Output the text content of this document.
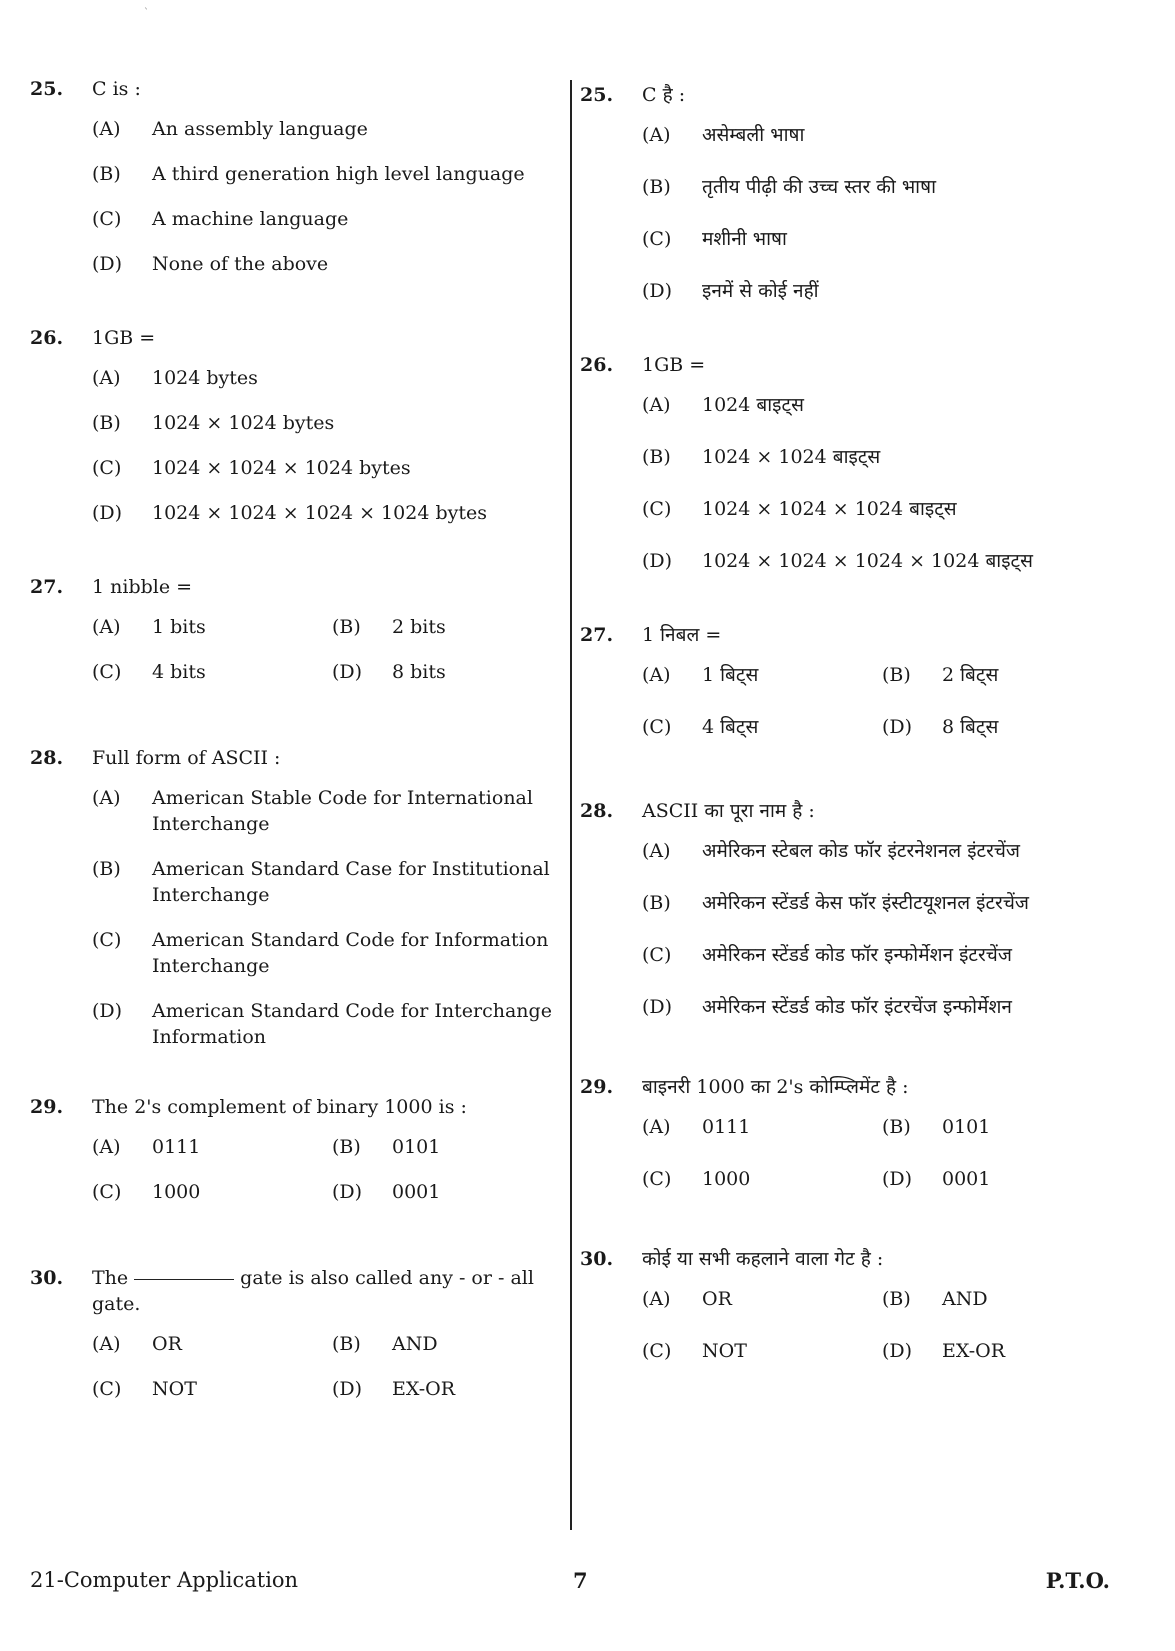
`
25.	C is :
(A)	An assembly language
(B)	A third generation high level language
(C)	A machine language
(D)	None of the above
26.	1GB =
(A)	1024 bytes
(B)	1024 × 1024 bytes
(C)	1024 × 1024 × 1024 bytes
(D)	1024 × 1024 × 1024 × 1024 bytes
27.	1 nibble =
(A)	1 bits	(B)	2 bits
(C)	4 bits	(D)	8 bits
28.	Full form of ASCII :
(A)	American Stable Code for International Interchange
(B)	American Standard Case for Institutional Interchange
(C)	American Standard Code for Information Interchange
(D)	American Standard Code for Interchange Information
29.	The 2's complement of binary 1000 is :
(A)	0111	(B)	0101
(C)	1000	(D)	0001
30.	The	gate is also called any - or - all gate.
(A)	OR	(B)	AND
(C)	NOT	(D)	EX-OR
25.	C है :
(A)	असेम्बली भाषा
(B)	तृतीय पीढ़ी की उच्च स्तर की भाषा
(C)	मशीनी भाषा
(D)	इनमें से कोई नहीं
26.	1GB =
(A)	1024 बाइट्स
(B)	1024 × 1024 बाइट्स
(C)	1024 × 1024 × 1024 बाइट्स
(D)	1024 × 1024 × 1024 × 1024 बाइट्स
27.	1 निबल =
(A)	1 बिट्स	(B)	2 बिट्स
(C)	4 बिट्स	(D)	8 बिट्स
28.	ASCII का पूरा नाम है :
(A)	अमेरिकन स्टेबल कोड फॉर इंटरनेशनल इंटरचेंज
(B)	अमेरिकन स्टेंडर्ड केस फॉर इंस्टीटयूशनल इंटरचेंज
(C)	अमेरिकन स्टेंडर्ड कोड फॉर इन्फोर्मेशन इंटरचेंज
(D)	अमेरिकन स्टेंडर्ड कोड फॉर इंटरचेंज इन्फोर्मेशन
29.	बाइनरी 1000 का 2's कोम्प्लिमेंट है :
(A)	0111	(B)	0101
(C)	1000	(D)	0001
30.	कोई या सभी कहलाने वाला गेट है :
(A)	OR	(B)	AND
(C)	NOT	(D)	EX-OR
21-Computer Application	7	P.T.O.
